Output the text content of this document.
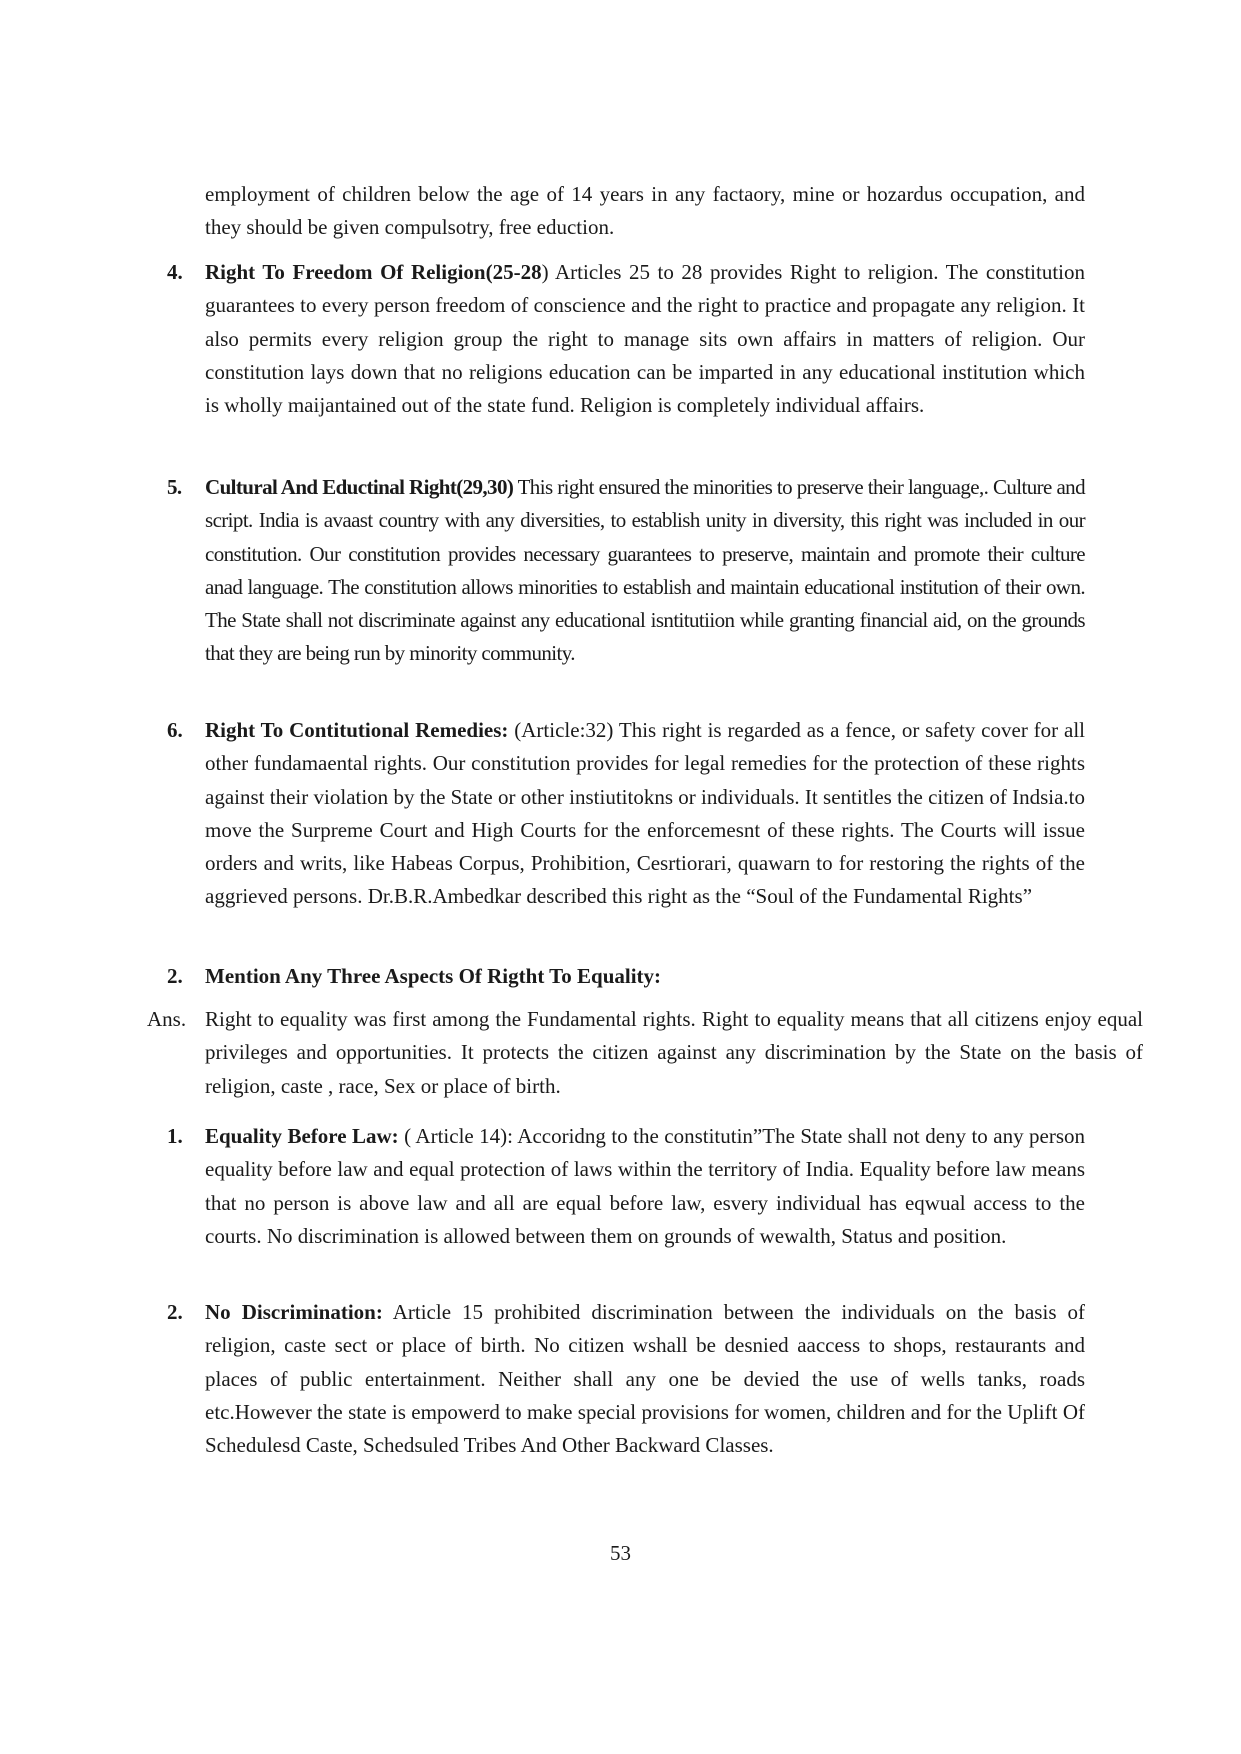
employment of children below the age of 14 years in any factaory, mine or hozardus occupation, and they should be given compulsotry, free eduction.
4. Right To Freedom Of Religion(25-28) Articles 25 to 28 provides Right to religion. The constitution guarantees to every person freedom of conscience and the right to practice and propagate any religion. It also permits every religion group the right to manage sits own affairs in matters of religion. Our constitution lays down that no religions education can be imparted in any educational institution which is wholly maijantained out of the state fund. Religion is completely individual affairs.
5. Cultural And Eductinal Right(29,30) This right ensured the minorities to preserve their language,. Culture and script. India is avaast country with any diversities, to establish unity in diversity, this right was included in our constitution. Our constitution provides necessary guarantees to preserve, maintain and promote their culture anad language. The constitution allows minorities to establish and maintain educational institution of their own. The State shall not discriminate against any educational isntitutiion while granting financial aid, on the grounds that they are being run by minority community.
6. Right To Contitutional Remedies: (Article:32) This right is regarded as a fence, or safety cover for all other fundamaental rights. Our constitution provides for legal remedies for the protection of these rights against their violation by the State or other instiutitokns or individuals. It sentitles the citizen of Indsia.to move the Surpreme Court and High Courts for the enforcemesnt of these rights. The Courts will issue orders and writs, like Habeas Corpus, Prohibition, Cesrtiorari, quawarn to for restoring the rights of the aggrieved persons. Dr.B.R.Ambedkar described this right as the “Soul of the Fundamental Rights”
2. Mention Any Three Aspects Of Rigtht To Equality:
Ans. Right to equality was first among the Fundamental rights. Right to equality means that all citizens enjoy equal privileges and opportunities. It protects the citizen against any discrimination by the State on the basis of religion, caste , race, Sex or place of birth.
1. Equality Before Law: ( Article 14): Accoridng to the constitutin”The State shall not deny to any person equality before law and equal protection of laws within the territory of India. Equality before law means that no person is above law and all are equal before law, esvery individual has eqwual access to the courts. No discrimination is allowed between them on grounds of wewalth, Status and position.
2. No Discrimination: Article 15 prohibited discrimination between the individuals on the basis of religion, caste sect or place of birth. No citizen wshall be desnied aaccess to shops, restaurants and places of public entertainment. Neither shall any one be devied the use of wells tanks, roads etc.However the state is empowerd to make special provisions for women, children and for the Uplift Of Schedulesd Caste, Schedsuled Tribes And Other Backward Classes.
53
